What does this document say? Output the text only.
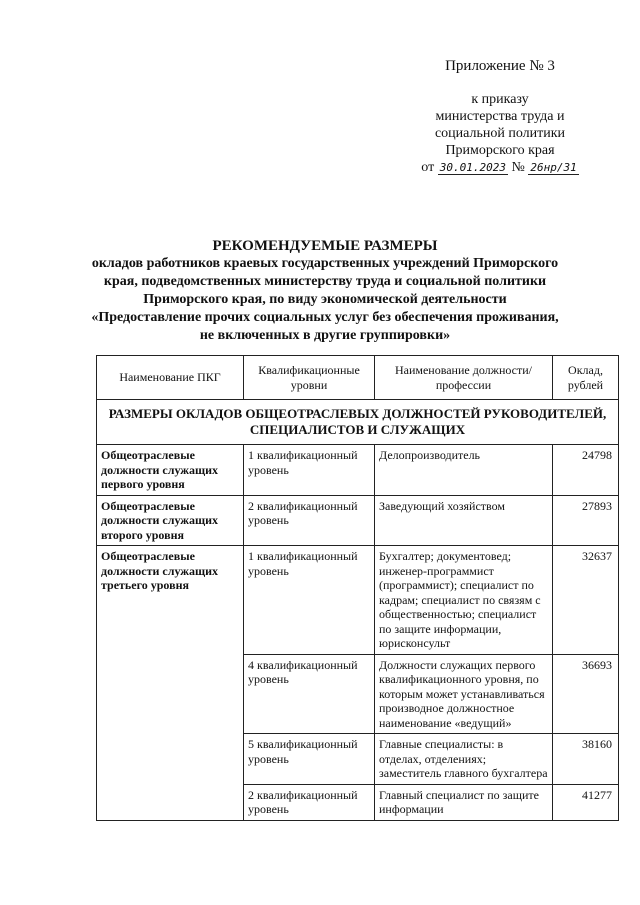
Приложение № 3
к приказу
министерства труда и
социальной политики
Приморского края
от 30.01.2023 № 26нр/31
РЕКОМЕНДУЕМЫЕ РАЗМЕРЫ
окладов работников краевых государственных учреждений Приморского
края, подведомственных министерству труда и социальной политики
Приморского края, по виду экономической деятельности
«Предоставление прочих социальных услуг без обеспечения проживания,
не включенных в другие группировки»
Наименование ПКГ	Квалификационные уровни	Наименование должности/профессии	Оклад, рублей
РАЗМЕРЫ ОКЛАДОВ ОБЩЕОТРАСЛЕВЫХ ДОЛЖНОСТЕЙ РУКОВОДИТЕЛЕЙ, СПЕЦИАЛИСТОВ И СЛУЖАЩИХ			
Общеотраслевые должности служащих первого уровня	1 квалификационный уровень	Делопроизводитель	24798
Общеотраслевые должности служащих второго уровня	2 квалификационный уровень	Заведующий хозяйством	27893
Общеотраслевые должности служащих третьего уровня	1 квалификационный уровень	Бухгалтер; документовед; инженер-программист (программист); специалист по кадрам; специалист по связям с общественностью; специалист по защите информации, юрисконсульт	32637
	4 квалификационный уровень	Должности служащих первого квалификационного уровня, по которым может устанавливаться производное должностное наименование «ведущий»	36693
	5 квалификационный уровень	Главные специалисты: в отделах, отделениях; заместитель главного бухгалтера	38160
	2 квалификационный уровень	Главный специалист по защите информации	41277
